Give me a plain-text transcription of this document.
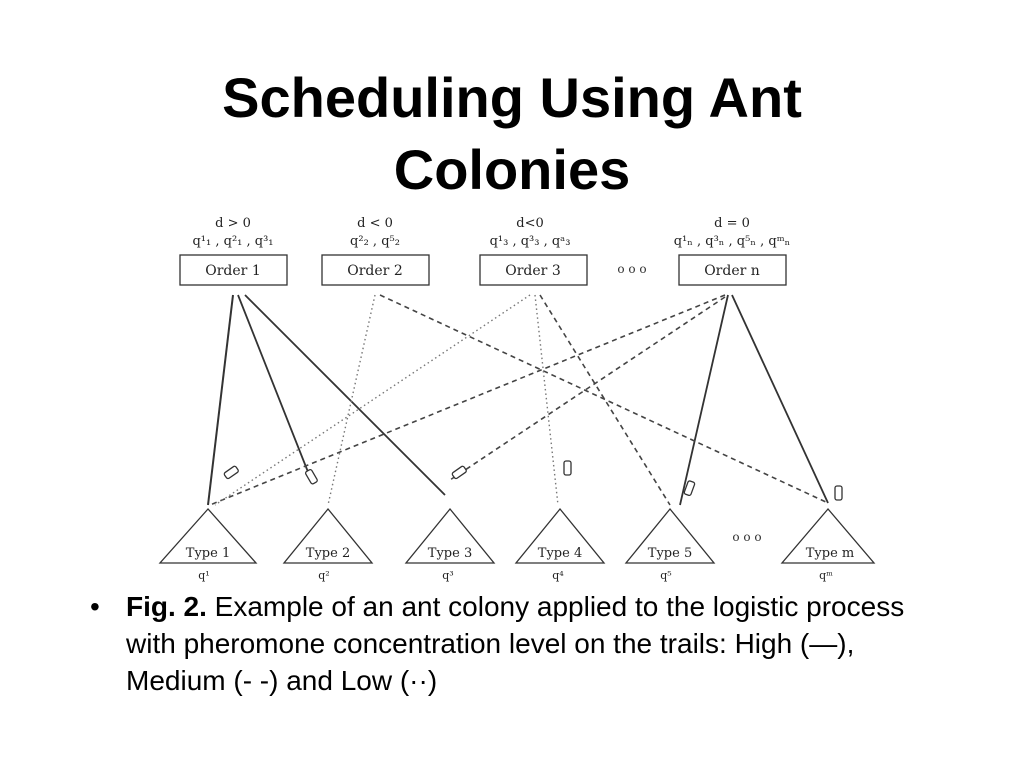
Scheduling Using Ant
Colonies
d > 0
q¹₁ , q²₁ , q³₁
d < 0
q²₂ , q⁵₂
d<0
q¹₃ , q³₃ , qᵃ₃
d = 0
q¹ₙ , q³ₙ , q⁵ₙ , qᵐₙ
Order 1	Order 2	Order 3	Order n
o o o
Type 1	Type 2	Type 3	Type 4	Type 5	Type m
q¹	q²	q³	q⁴	q⁵	qᵐ
o o o
• Fig. 2. Example of an ant colony applied to the logistic process with pheromone concentration level on the trails: High (—), Medium (- -) and Low (··)
